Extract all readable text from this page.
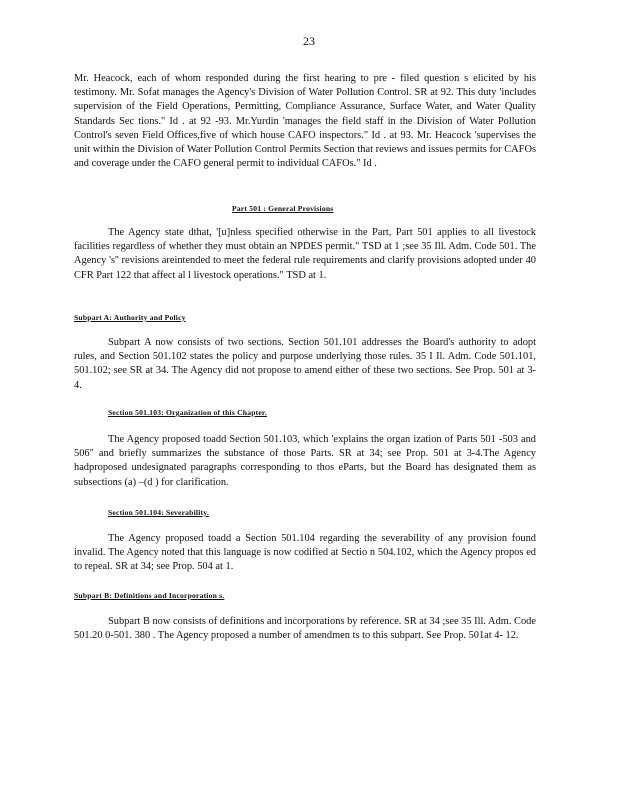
23
Mr. Heacock, each of whom responded during the first hearing to pre - filed question s elicited by his testimony. Mr. Sofat manages the Agency's Division of Water Pollution Control. SR at 92. This duty 'includes supervision of the Field Operations, Permitting, Compliance Assurance, Surface Water, and Water Quality Standards Sec tions." Id . at 92 -93. Mr.Yurdin 'manages the field staff in the Division of Water Pollution Control's seven Field Offices,five of which house CAFO inspectors." Id . at 93. Mr. Heacock 'supervises the unit within the Division of Water Pollution Control Permits Section that reviews and issues permits for CAFOs and coverage under the CAFO general permit to individual CAFOs." Id .
Part 501 : General Provisions
The Agency state dthat, '[u]nless specified otherwise in the Part, Part 501 applies to all livestock facilities regardless of whether they must obtain an NPDES permit." TSD at 1 ;see 35 Ill. Adm. Code 501. The Agency 's'' revisions areintended to meet the federal rule requirements and clarify provisions adopted under 40 CFR Part 122 that affect al l livestock operations." TSD at 1.
Subpart A: Authority and Policy
Subpart A now consists of two sections. Section 501.101 addresses the Board's authority to adopt rules, and Section 501.102 states the policy and purpose underlying those rules. 35 I Il. Adm. Code 501.101, 501.102; see SR at 34. The Agency did not propose to amend either of these two sections. See Prop. 501 at 3- 4.
Section 501.103: Organization of this Chapter.
The Agency proposed toadd Section 501.103, which 'explains the organ ization of Parts 501 -503 and 506" and briefly summarizes the substance of those Parts. SR at 34; see Prop. 501 at 3-4.The Agency hadproposed undesignated paragraphs corresponding to thos eParts, but the Board has designated them as subsections (a) –(d ) for clarification.
Section 501.104: Severability.
The Agency proposed toadd a Section 501.104 regarding the severability of any provision found invalid. The Agency noted that this language is now codified at Sectio n 504.102, which the Agency propos ed to repeal. SR at 34; see Prop. 504 at 1.
Subpart B: Definitions and Incorporation s.
Subpart B now consists of definitions and incorporations by reference. SR at 34 ;see 35 Ill. Adm. Code 501.20 0-501. 380 . The Agency proposed a number of amendmen ts to this subpart. See Prop. 501at 4- 12.
